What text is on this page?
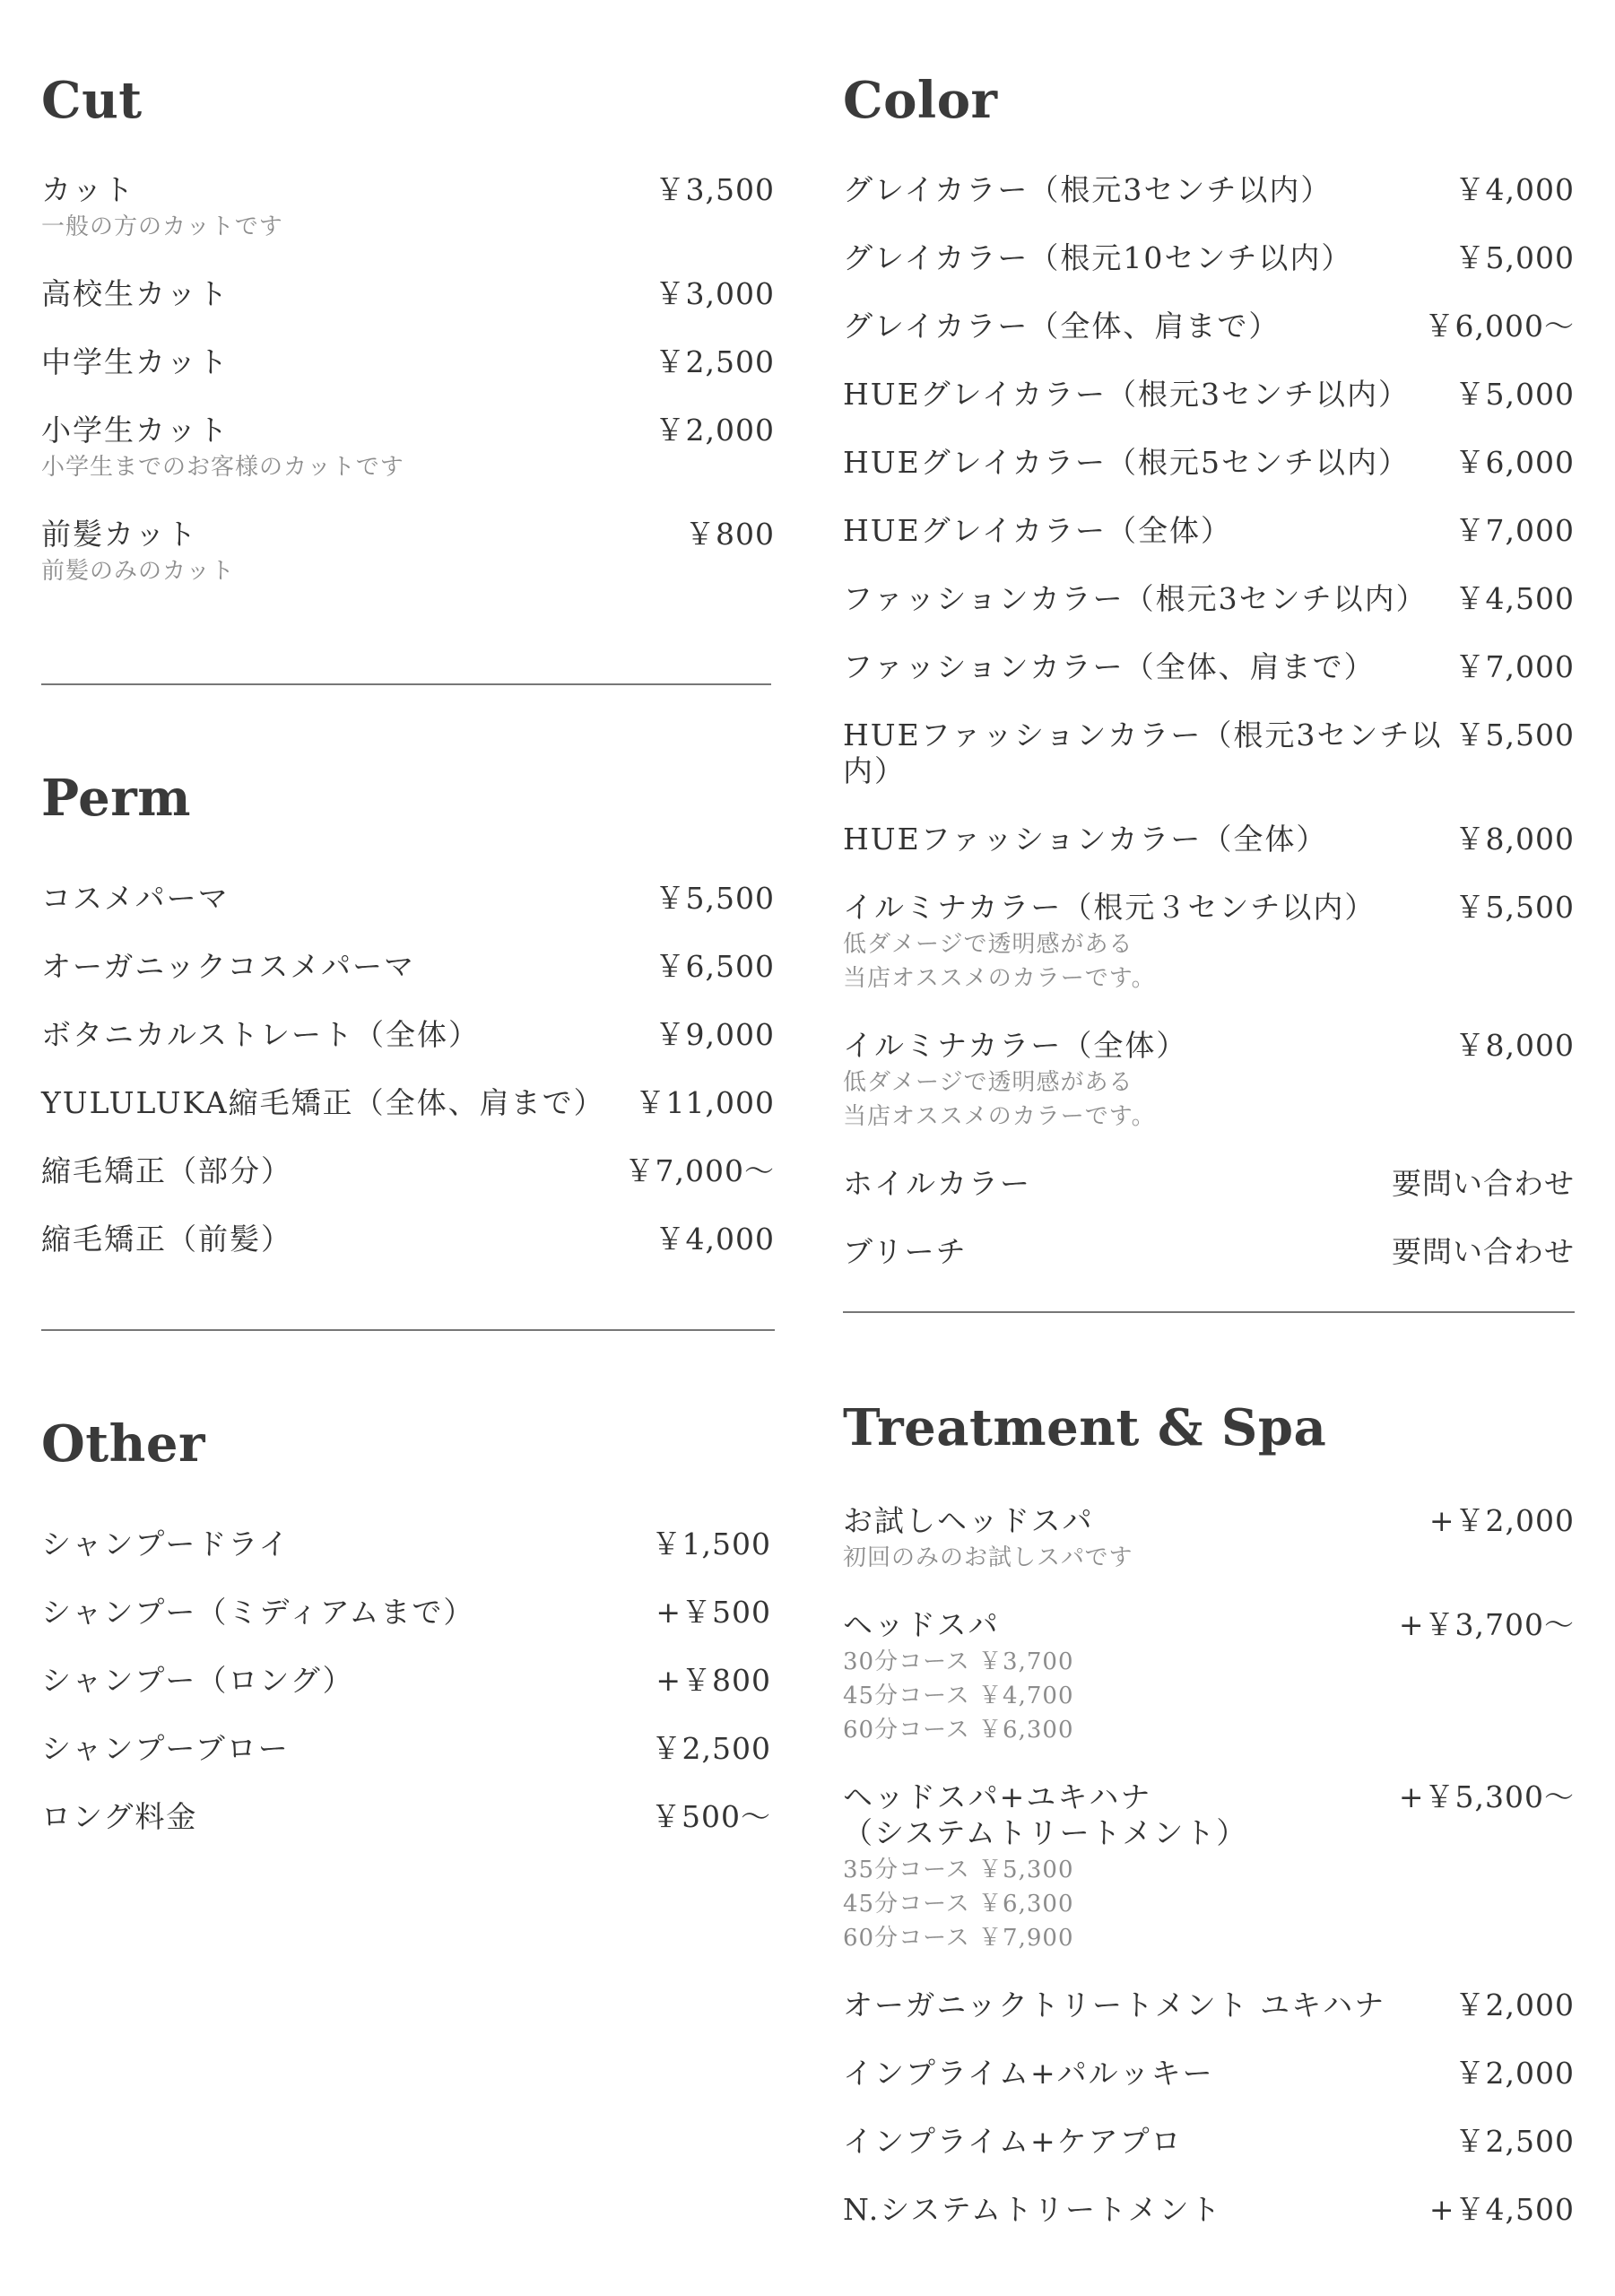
Cut
カット	￥3,500
一般の方のカットです
高校生カット	￥3,000
中学生カット	￥2,500
小学生カット	￥2,000
小学生までのお客様のカットです
前髪カット	￥800
前髪のみのカット
Perm
コスメパーマ	￥5,500
オーガニックコスメパーマ	￥6,500
ボタニカルストレート（全体）	￥9,000
YULULUKA縮毛矯正（全体、肩まで） ￥11,000
縮毛矯正（部分）	￥7,000〜
縮毛矯正（前髪）	￥4,000
Other
シャンプードライ	￥1,500
シャンプー（ミディアムまで）	+￥500
シャンプー（ロング）	+￥800
シャンプーブロー	￥2,500
ロング料金	￥500〜
Color
グレイカラー（根元3センチ以内）	￥4,000
グレイカラー（根元10センチ以内）	￥5,000
グレイカラー（全体、肩まで）	￥6,000〜
HUEグレイカラー（根元3センチ以内） ￥5,000
HUEグレイカラー（根元5センチ以内） ￥6,000
HUEグレイカラー（全体）	￥7,000
ファッションカラー（根元3センチ以内） ￥4,500
ファッションカラー（全体、肩まで）	￥7,000
HUEファッションカラー（根元3センチ以内）
￥5,500
HUEファッションカラー（全体）	￥8,000
イルミナカラー（根元３センチ以内）	￥5,500
低ダメージで透明感がある
当店オススメのカラーです。
イルミナカラー（全体）	￥8,000
低ダメージで透明感がある
当店オススメのカラーです。
ホイルカラー	要問い合わせ
ブリーチ	要問い合わせ
Treatment & Spa
お試しヘッドスパ	+￥2,000
初回のみのお試しスパです
ヘッドスパ	+￥3,700〜
30分コース ￥3,700
45分コース ￥4,700
60分コース ￥6,300
ヘッドスパ+ユキハナ
（システムトリートメント）
+￥5,300〜
35分コース ￥5,300
45分コース ￥6,300
60分コース ￥7,900
オーガニックトリートメント ユキハナ ￥2,000
インプライム+パルッキー	￥2,000
インプライム+ケアプロ	￥2,500
N.システムトリートメント	+￥4,500
